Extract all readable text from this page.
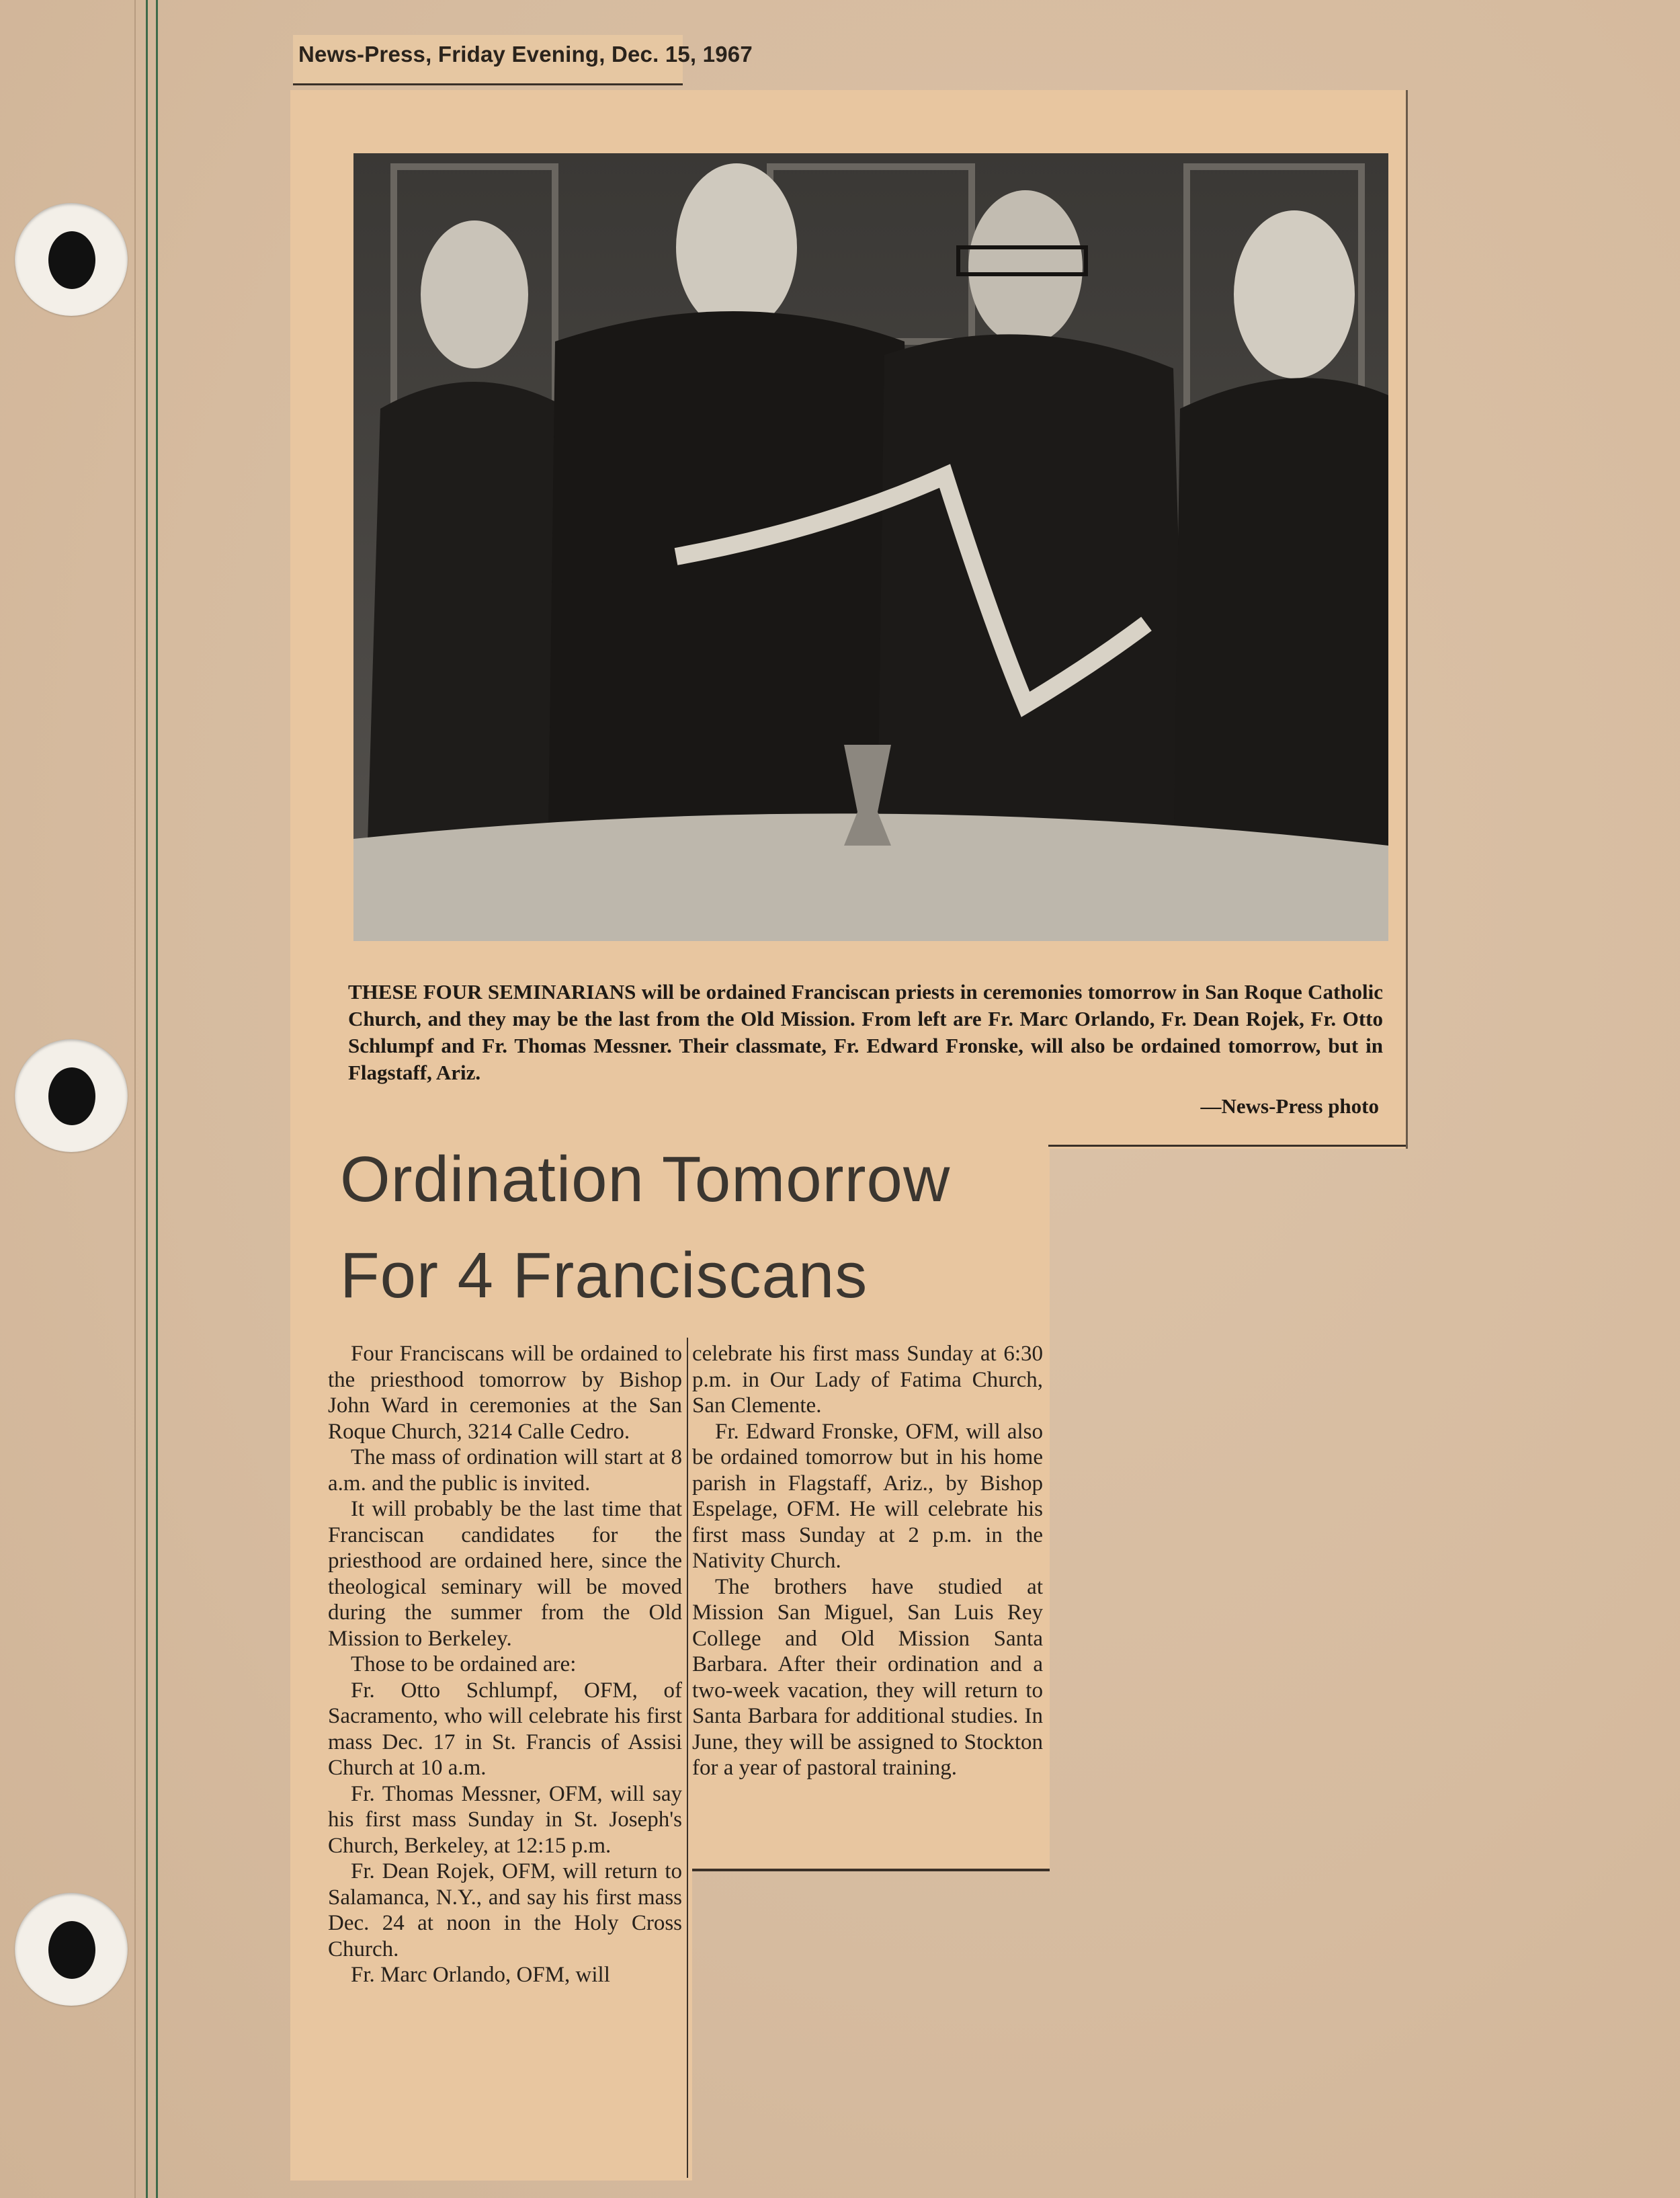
News-Press, Friday Evening, Dec. 15, 1967
THESE FOUR SEMINARIANS will be ordained Franciscan priests in ceremonies tomorrow in San Roque Catholic Church, and they may be the last from the Old Mission. From left are Fr. Marc Orlando, Fr. Dean Rojek, Fr. Otto Schlumpf and Fr. Thomas Messner. Their classmate, Fr. Edward Fronske, will also be ordained tomorrow, but in Flagstaff, Ariz.
—News-Press photo
Ordination Tomorrow
For 4 Franciscans

Four Franciscans will be ordained to the priesthood tomorrow by Bishop John Ward in ceremonies at the San Roque Church, 3214 Calle Cedro.

The mass of ordination will start at 8 a.m. and the public is invited.

It will probably be the last time that Franciscan candidates for the priesthood are ordained here, since the theological seminary will be moved during the summer from the Old Mission to Berkeley.

Those to be ordained are:

Fr. Otto Schlumpf, OFM, of Sacramento, who will celebrate his first mass Dec. 17 in St. Francis of Assisi Church at 10 a.m.

Fr. Thomas Messner, OFM, will say his first mass Sunday in St. Joseph's Church, Berkeley, at 12:15 p.m.

Fr. Dean Rojek, OFM, will return to Salamanca, N.Y., and say his first mass Dec. 24 at noon in the Holy Cross Church.

Fr. Marc Orlando, OFM, will

celebrate his first mass Sunday at 6:30 p.m. in Our Lady of Fatima Church, San Clemente.

Fr. Edward Fronske, OFM, will also be ordained tomorrow but in his home parish in Flagstaff, Ariz., by Bishop Espelage, OFM. He will celebrate his first mass Sunday at 2 p.m. in the Nativity Church.

The brothers have studied at Mission San Miguel, San Luis Rey College and Old Mission Santa Barbara. After their ordination and a two-week vacation, they will return to Santa Barbara for additional studies. In June, they will be assigned to Stockton for a year of pastoral training.
